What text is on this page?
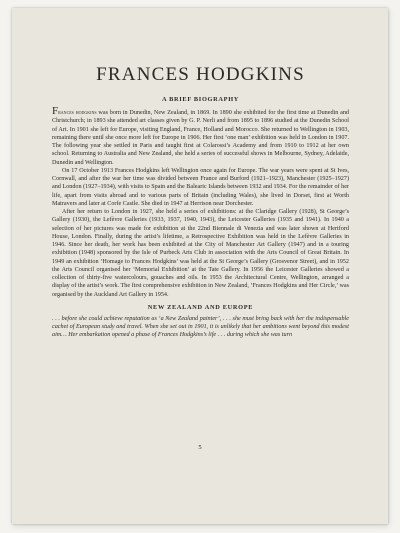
FRANCES HODGKINS
A BRIEF BIOGRAPHY

Frances hodgkins was born in Dunedin, New Zealand, in 1869. In 1890 she exhibited for the first time at Dunedin and Christchurch; in 1893 she attended art classes given by G. P. Nerli and from 1895 to 1896 studied at the Dunedin School of Art. In 1901 she left for Europe, visiting England, France, Holland and Morocco. She returned to Wellington in 1903, remaining there until she once more left for Europe in 1906. Her first ‘one man’ exhibition was held in London in 1907. The following year she settled in Paris and taught first at Colarossi’s Academy and from 1910 to 1912 at her own school. Returning to Australia and New Zealand, she held a series of successful shows in Melbourne, Sydney, Adelaide, Dunedin and Wellington.

On 17 October 1913 Frances Hodgkins left Wellington once again for Europe. The war years were spent at St Ives, Cornwall, and after the war her time was divided between France and Burford (1921–1923), Manchester (1925–1927) and London (1927–1934), with visits to Spain and the Balearic Islands between 1932 and 1934. For the remainder of her life, apart from visits abroad and to various parts of Britain (including Wales), she lived in Dorset, first at Worth Matravers and later at Corfe Castle. She died in 1947 at Herrison near Dorchester.

After her return to London in 1927, she held a series of exhibitions: at the Claridge Gallery (1928), St George’s Gallery (1930), the Lefèvre Galleries (1933, 1937, 1940, 1943), the Leicester Galleries (1935 and 1941). In 1940 a selection of her pictures was made for exhibition at the 22nd Biennale di Venezia and was later shown at Hertford House, London. Finally, during the artist’s lifetime, a Retrospective Exhibition was held in the Lefèvre Galleries in 1946. Since her death, her work has been exhibited at the City of Manchester Art Gallery (1947) and in a touring exhibition (1948) sponsored by the Isle of Purbeck Arts Club in association with the Arts Council of Great Britain. In 1949 an exhibition ‘Homage to Frances Hodgkins’ was held at the St George’s Gallery (Grosvenor Street), and in 1952 the Arts Council organised her ‘Memorial Exhibition’ at the Tate Gallery. In 1956 the Leicester Galleries showed a collection of thirty-five watercolours, gouaches and oils. In 1953 the Architectural Centre, Wellington, arranged a display of the artist’s work. The first comprehensive exhibition in New Zealand, ‘Frances Hodgkins and Her Circle,’ was organised by the Auckland Art Gallery in 1954.

NEW ZEALAND AND EUROPE

. . . before she could achieve reputation as ‘a New Zealand painter’, . . . she must bring back with her the indispensable cachet of European study and travel. When she set out in 1901, it is unlikely that her ambitions went beyond this modest aim… Her embarkation opened a phase of Frances Hodgkins’s life . . . during which she was turn

5
